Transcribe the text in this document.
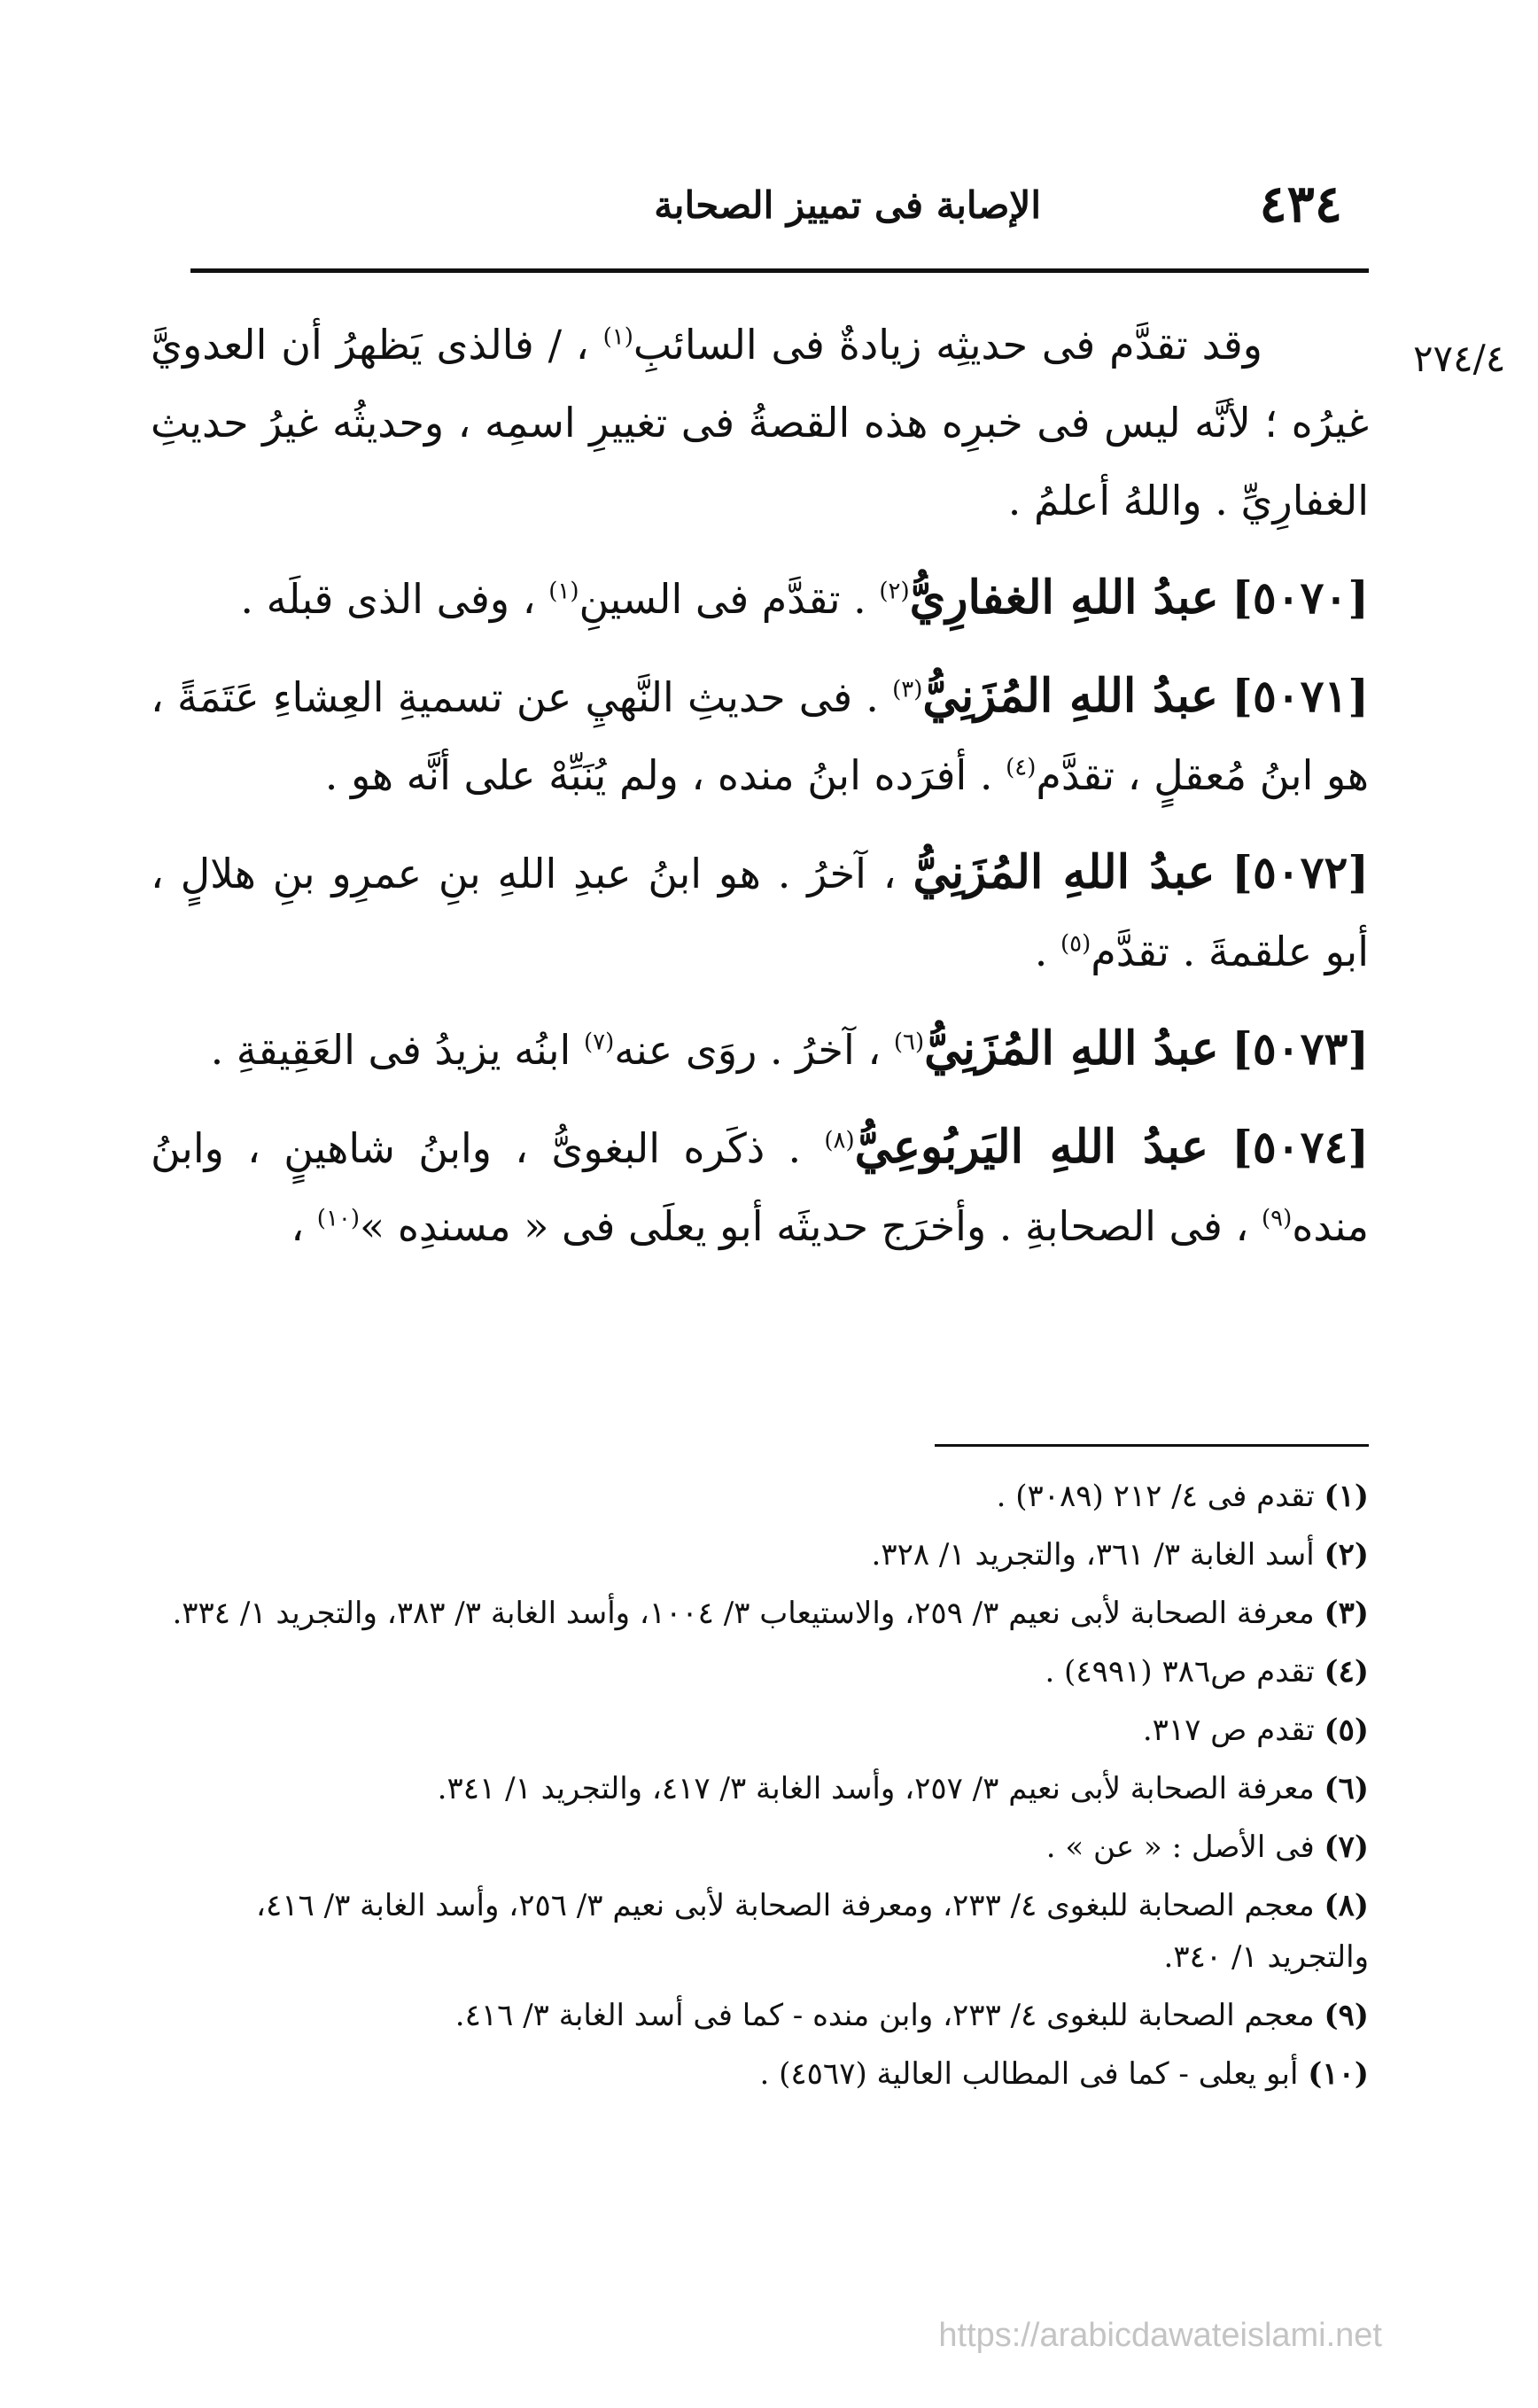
٤٣٤
الإصابة فى تمييز الصحابة
٢٧٤/٤

وقد تقدَّم فى حديثِه زيادةٌ فى السائبِ$^{(١)}$ ، / فالذى يَظهرُ أن العدويَّ غيرُه ؛ لأنَّه ليس فى خبرِه هذه القصةُ فى تغييرِ اسمِه ، وحديثُه غيرُ حديثِ الغفارِيِّ . واللهُ أعلمُ .

[٥٠٧٠] عبدُ اللهِ الغفارِيُّ$^{(٢)}$ . تقدَّم فى السينِ$^{(١)}$ ، وفى الذى قبلَه .

[٥٠٧١] عبدُ اللهِ المُزَنِيُّ$^{(٣)}$ . فى حديثِ النَّهيِ عن تسميةِ العِشاءِ عَتَمَةً ، هو ابنُ مُعقلٍ ، تقدَّم$^{(٤)}$ . أفرَده ابنُ منده ، ولم يُنَبِّهْ على أنَّه هو .

[٥٠٧٢] عبدُ اللهِ المُزَنِيُّ ، آخرُ . هو ابنُ عبدِ اللهِ بنِ عمرِو بنِ هلالٍ ، أبو علقمةَ . تقدَّم$^{(٥)}$ .

[٥٠٧٣] عبدُ اللهِ المُزَنِيُّ$^{(٦)}$ ، آخرُ . روَى عنه$^{(٧)}$ ابنُه يزيدُ فى العَقِيقةِ .

[٥٠٧٤] عبدُ اللهِ اليَربُوعِيُّ$^{(٨)}$ . ذكَره البغوىُّ ، وابنُ شاهينٍ ، وابنُ منده$^{(٩)}$ ، فى الصحابةِ . وأخرَج حديثَه أبو يعلَى فى « مسندِه »$^{(١٠)}$ ،

(١) تقدم فى ٤/ ٢١٢ (٣٠٨٩) .

(٢) أسد الغابة ٣/ ٣٦١، والتجريد ١/ ٣٢٨.

(٣) معرفة الصحابة لأبى نعيم ٣/ ٢٥٩، والاستيعاب ٣/ ١٠٠٤، وأسد الغابة ٣/ ٣٨٣، والتجريد ١/ ٣٣٤.

(٤) تقدم ص٣٨٦ (٤٩٩١) .

(٥) تقدم ص ٣١٧.

(٦) معرفة الصحابة لأبى نعيم ٣/ ٢٥٧، وأسد الغابة ٣/ ٤١٧، والتجريد ١/ ٣٤١.

(٧) فى الأصل : « عن » .

(٨) معجم الصحابة للبغوى ٤/ ٢٣٣، ومعرفة الصحابة لأبى نعيم ٣/ ٢٥٦، وأسد الغابة ٣/ ٤١٦، والتجريد ١/ ٣٤٠.

(٩) معجم الصحابة للبغوى ٤/ ٢٣٣، وابن منده - كما فى أسد الغابة ٣/ ٤١٦.

(١٠) أبو يعلى - كما فى المطالب العالية (٤٥٦٧) .

https://arabicdawateislami.net
